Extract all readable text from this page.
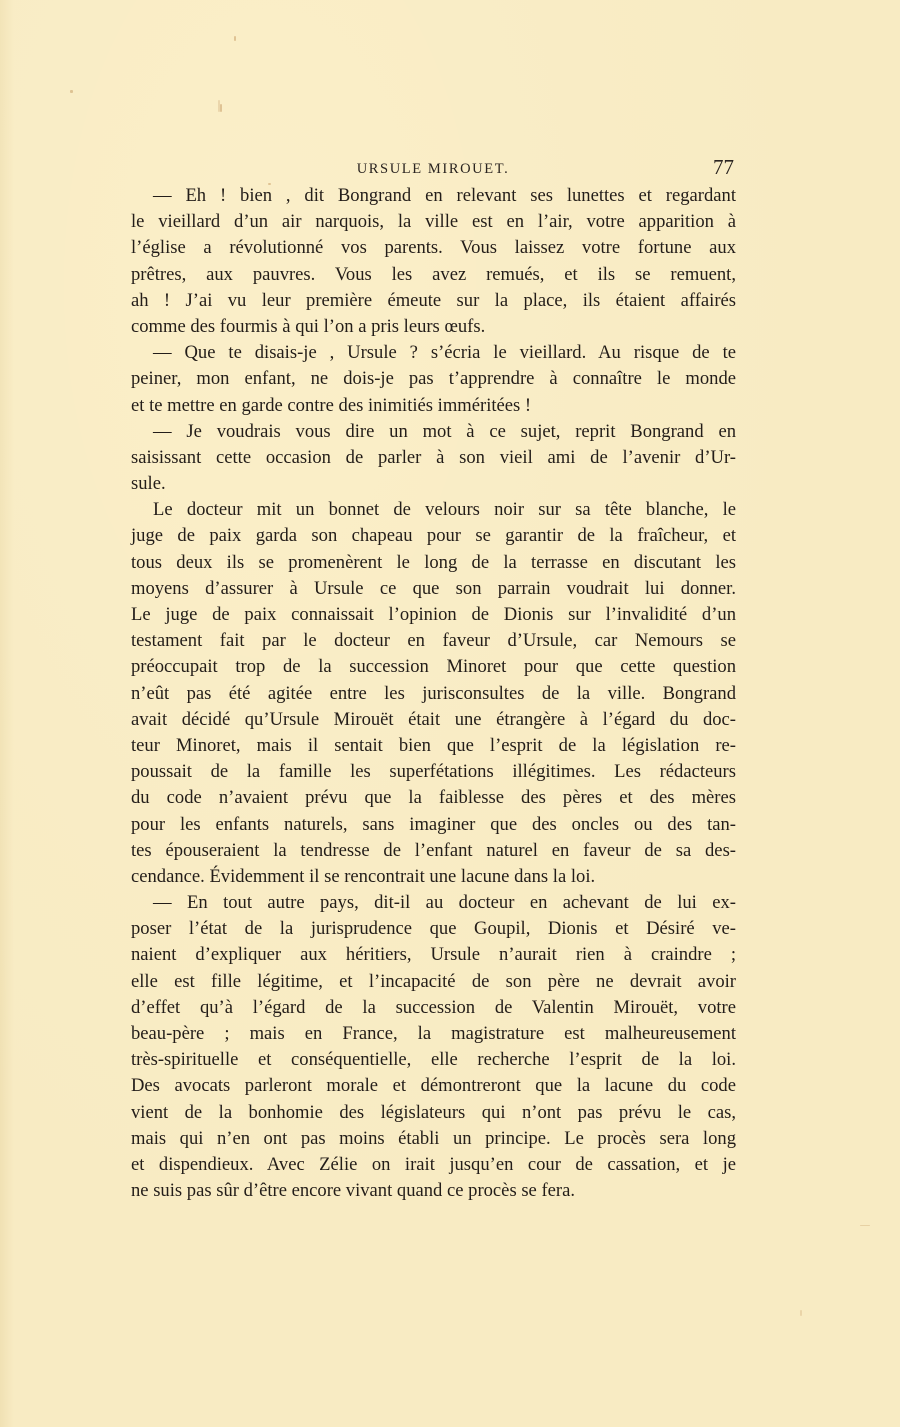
URSULE MIROUET.	77
— Eh ! bien , dit Bongrand en relevant ses lunettes et regardant
le vieillard d’un air narquois, la ville est en l’air, votre apparition à
l’église a révolutionné vos parents. Vous laissez votre fortune aux
prêtres, aux pauvres. Vous les avez remués, et ils se remuent,
ah ! J’ai vu leur première émeute sur la place, ils étaient affairés
comme des fourmis à qui l’on a pris leurs œufs.
— Que te disais-je , Ursule ? s’écria le vieillard. Au risque de te
peiner, mon enfant, ne dois-je pas t’apprendre à connaître le monde
et te mettre en garde contre des inimitiés imméritées !
— Je voudrais vous dire un mot à ce sujet, reprit Bongrand en
saisissant cette occasion de parler à son vieil ami de l’avenir d’Ur-
sule.
Le docteur mit un bonnet de velours noir sur sa tête blanche, le
juge de paix garda son chapeau pour se garantir de la fraîcheur, et
tous deux ils se promenèrent le long de la terrasse en discutant les
moyens d’assurer à Ursule ce que son parrain voudrait lui donner.
Le juge de paix connaissait l’opinion de Dionis sur l’invalidité d’un
testament fait par le docteur en faveur d’Ursule, car Nemours se
préoccupait trop de la succession Minoret pour que cette question
n’eût pas été agitée entre les jurisconsultes de la ville. Bongrand
avait décidé qu’Ursule Mirouët était une étrangère à l’égard du doc-
teur Minoret, mais il sentait bien que l’esprit de la législation re-
poussait de la famille les superfétations illégitimes. Les rédacteurs
du code n’avaient prévu que la faiblesse des pères et des mères
pour les enfants naturels, sans imaginer que des oncles ou des tan-
tes épouseraient la tendresse de l’enfant naturel en faveur de sa des-
cendance. Évidemment il se rencontrait une lacune dans la loi.
— En tout autre pays, dit-il au docteur en achevant de lui ex-
poser l’état de la jurisprudence que Goupil, Dionis et Désiré ve-
naient d’expliquer aux héritiers, Ursule n’aurait rien à craindre ;
elle est fille légitime, et l’incapacité de son père ne devrait avoir
d’effet qu’à l’égard de la succession de Valentin Mirouët, votre
beau-père ; mais en France, la magistrature est malheureusement
très-spirituelle et conséquentielle, elle recherche l’esprit de la loi.
Des avocats parleront morale et démontreront que la lacune du code
vient de la bonhomie des législateurs qui n’ont pas prévu le cas,
mais qui n’en ont pas moins établi un principe. Le procès sera long
et dispendieux. Avec Zélie on irait jusqu’en cour de cassation, et je
ne suis pas sûr d’être encore vivant quand ce procès se fera.
